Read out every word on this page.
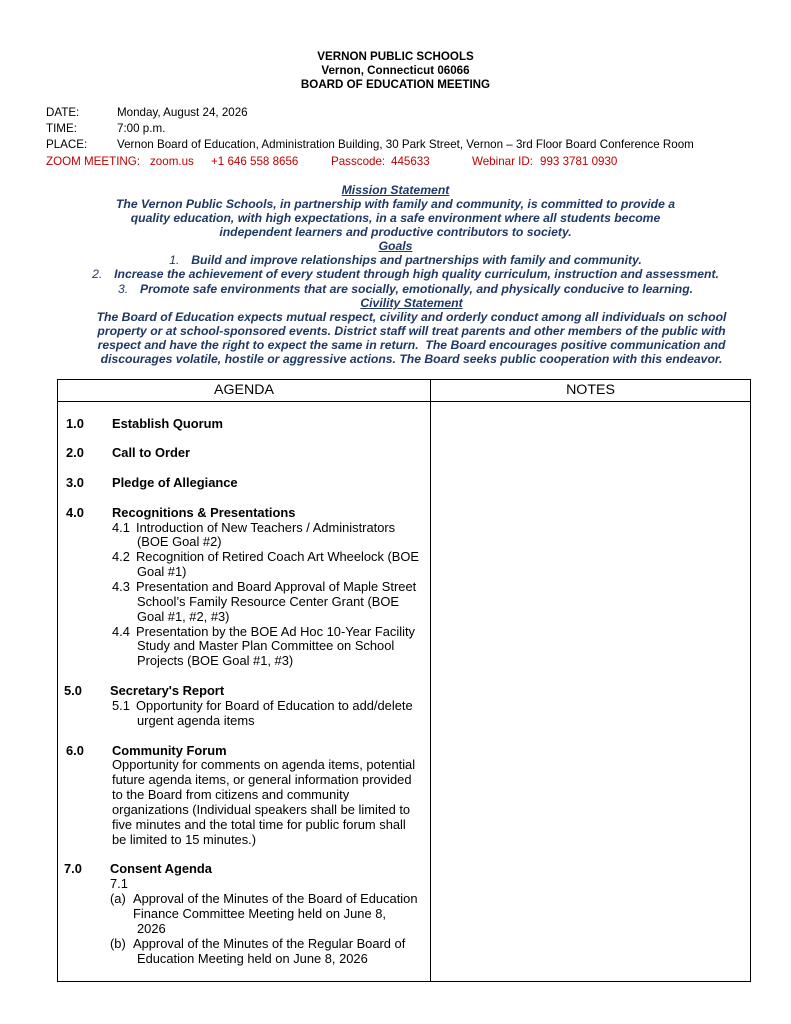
VERNON PUBLIC SCHOOLS
Vernon, Connecticut 06066
BOARD OF EDUCATION MEETING
DATE:	Monday, August 24, 2026
TIME:	7:00 p.m.
PLACE:	Vernon Board of Education, Administration Building, 30 Park Street, Vernon – 3rd Floor Board Conference Room
ZOOM MEETING: zoom.us +1 646 558 8656	Passcode: 445633	Webinar ID: 993 3781 0930
Mission Statement
The Vernon Public Schools, in partnership with family and community, is committed to provide a
quality education, with high expectations, in a safe environment where all students become
independent learners and productive contributors to society.
Goals
1. Build and improve relationships and partnerships with family and community.
2. Increase the achievement of every student through high quality curriculum, instruction and assessment.
3. Promote safe environments that are socially, emotionally, and physically conducive to learning.
Civility Statement
The Board of Education expects mutual respect, civility and orderly conduct among all individuals on school
property or at school-sponsored events. District staff will treat parents and other members of the public with
respect and have the right to expect the same in return.  The Board encourages positive communication and
discourages volatile, hostile or aggressive actions. The Board seeks public cooperation with this endeavor.
AGENDA	NOTES
1.0 Establish Quorum
2.0 Call to Order
3.0 Pledge of Allegiance
4.0 Recognitions & Presentations
4.1 Introduction of New Teachers / Administrators
(BOE Goal #2)
4.2 Recognition of Retired Coach Art Wheelock (BOE
Goal #1)
4.3 Presentation and Board Approval of Maple Street
School’s Family Resource Center Grant (BOE
Goal #1, #2, #3)
4.4 Presentation by the BOE Ad Hoc 10-Year Facility
Study and Master Plan Committee on School
Projects (BOE Goal #1, #3)
5.0 Secretary's Report
5.1 Opportunity for Board of Education to add/delete
urgent agenda items
6.0 Community Forum
Opportunity for comments on agenda items, potential
future agenda items, or general information provided
to the Board from citizens and community
organizations (Individual speakers shall be limited to
five minutes and the total time for public forum shall
be limited to 15 minutes.)
7.0 Consent Agenda
7.1
(a) Approval of the Minutes of the Board of Education
Finance Committee Meeting held on June 8,
2026
(b) Approval of the Minutes of the Regular Board of
Education Meeting held on June 8, 2026
